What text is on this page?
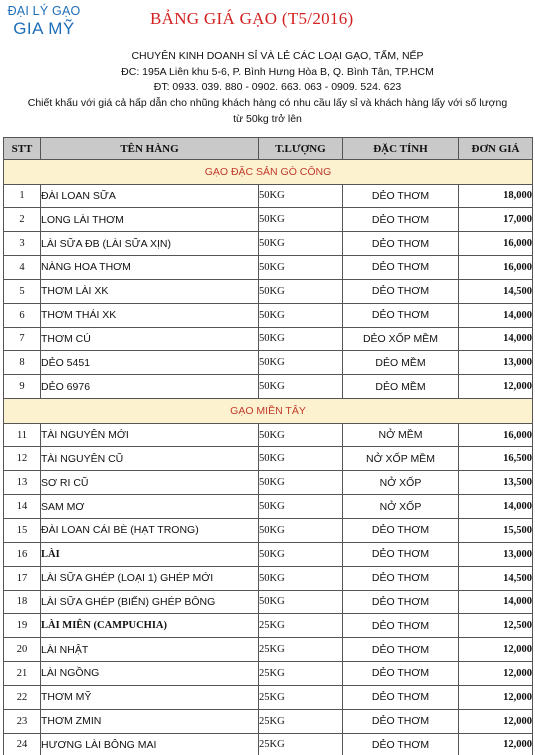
ĐẠI LÝ GẠO
GIA MỸ
BẢNG GIÁ GẠO (T5/2016)
CHUYÊN KINH DOANH SỈ VÀ LẺ CÁC LOẠI GẠO, TẤM, NẾP
ĐC: 195A Liên khu 5-6, P. Bình Hưng Hòa B, Q. Bình Tân, TP.HCM
ĐT: 0933. 039. 880 - 0902. 663. 063 - 0909. 524. 623
Chiết khấu với giá cả hấp dẫn cho nhũng khách hàng có nhu cầu lấy sỉ và khách hàng lấy với số lượng
từ 50kg trở lên
STT	TÊN HÀNG	T.LƯỢNG	ĐẶC TÍNH	ĐƠN GIÁ
GẠO ĐẶC SẢN GÒ CÔNG				
1	ĐÀI LOAN SỮA	50KG	DẺO THƠM	18,000
2	LONG LÀI THƠM	50KG	DẺO THƠM	17,000
3	LÀI SỮA ĐB (LÀI SỮA XỊN)	50KG	DẺO THƠM	16,000
4	NÀNG HOA THƠM	50KG	DẺO THƠM	16,000
5	THƠM LÀI XK	50KG	DẺO THƠM	14,500
6	THƠM THÁI XK	50KG	DẺO THƠM	14,000
7	THƠM CÚ	50KG	DẺO XỐP MỀM	14,000
8	DẺO 5451	50KG	DẺO MỀM	13,000
9	DẺO 6976	50KG	DẺO MỀM	12,000
GẠO MIỀN TÂY				
11	TÀI NGUYÊN MỚI	50KG	NỞ MỀM	16,000
12	TÀI NGUYÊN CŨ	50KG	NỞ XỐP MỀM	16,500
13	SƠ RI CŨ	50KG	NỞ XỐP	13,500
14	SAM MƠ	50KG	NỞ XỐP	14,000
15	ĐÀI LOAN CÁI BÈ (HẠT TRONG)	50KG	DẺO THƠM	15,500
16	LÀI	50KG	DẺO THƠM	13,000
17	LÀI SỮA GHÉP (LOẠI 1) GHÉP MỚI	50KG	DẺO THƠM	14,500
18	LÀI SỮA GHÉP (BIẾN) GHÉP BÔNG	50KG	DẺO THƠM	14,000
19	LÀI MIÊN (CAMPUCHIA)	25KG	DẺO THƠM	12,500
20	LÀI NHẬT	25KG	DẺO THƠM	12,000
21	LÀI NGỒNG	25KG	DẺO THƠM	12,000
22	THƠM MỸ	25KG	DẺO THƠM	12,000
23	THƠM ZMIN	25KG	DẺO THƠM	12,000
24	HƯƠNG LÀI BÔNG MAI	25KG	DẺO THƠM	12,000
